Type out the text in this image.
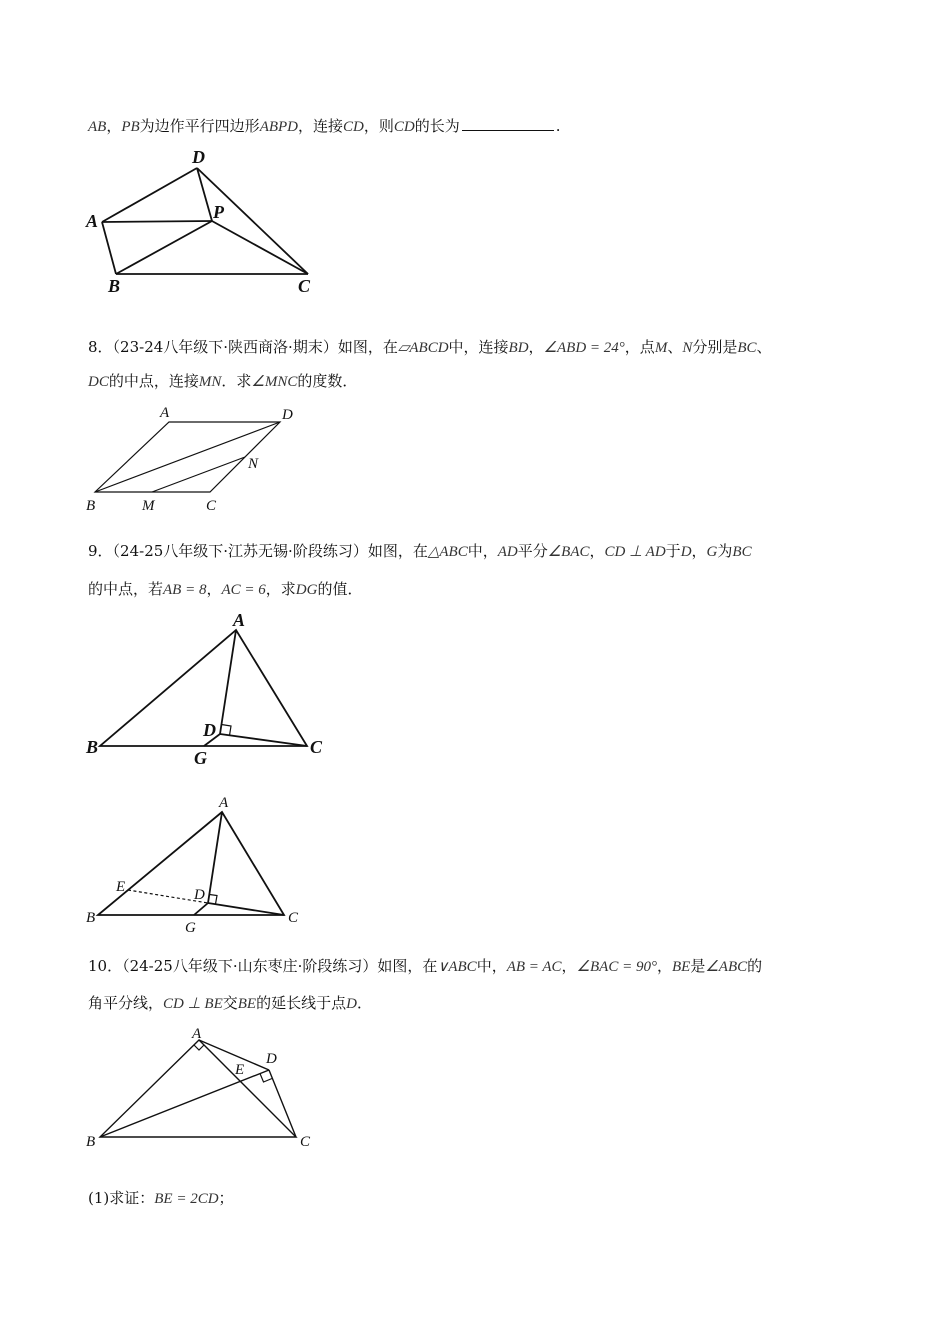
AB，PB为边作平行四边形ABPD，连接CD，则CD的长为	.
D
A	P
B	C
8．（23-24八年级下·陕西商洛·期末）如图，在▱ABCD中，连接BD，∠ABD = 24°，点M、N分别是BC、
DC的中点，连接MN．求∠MNC的度数．
A	D
N
B	M	C
9．（24-25八年级下·江苏无锡·阶段练习）如图，在△ABC中，AD平分∠BAC，CD ⊥ AD于D，G为BC
的中点，若AB = 8，AC = 6，求DG的值．
A
D
B	C
G
A
E	D
B	C
G
10．（24-25八年级下·山东枣庄·阶段练习）如图，在∨ABC中，AB = AC，∠BAC = 90°，BE是∠ABC的
角平分线，CD ⊥ BE交BE的延长线于点D．
A
D
E
B	C
(1)求证：BE = 2CD；
